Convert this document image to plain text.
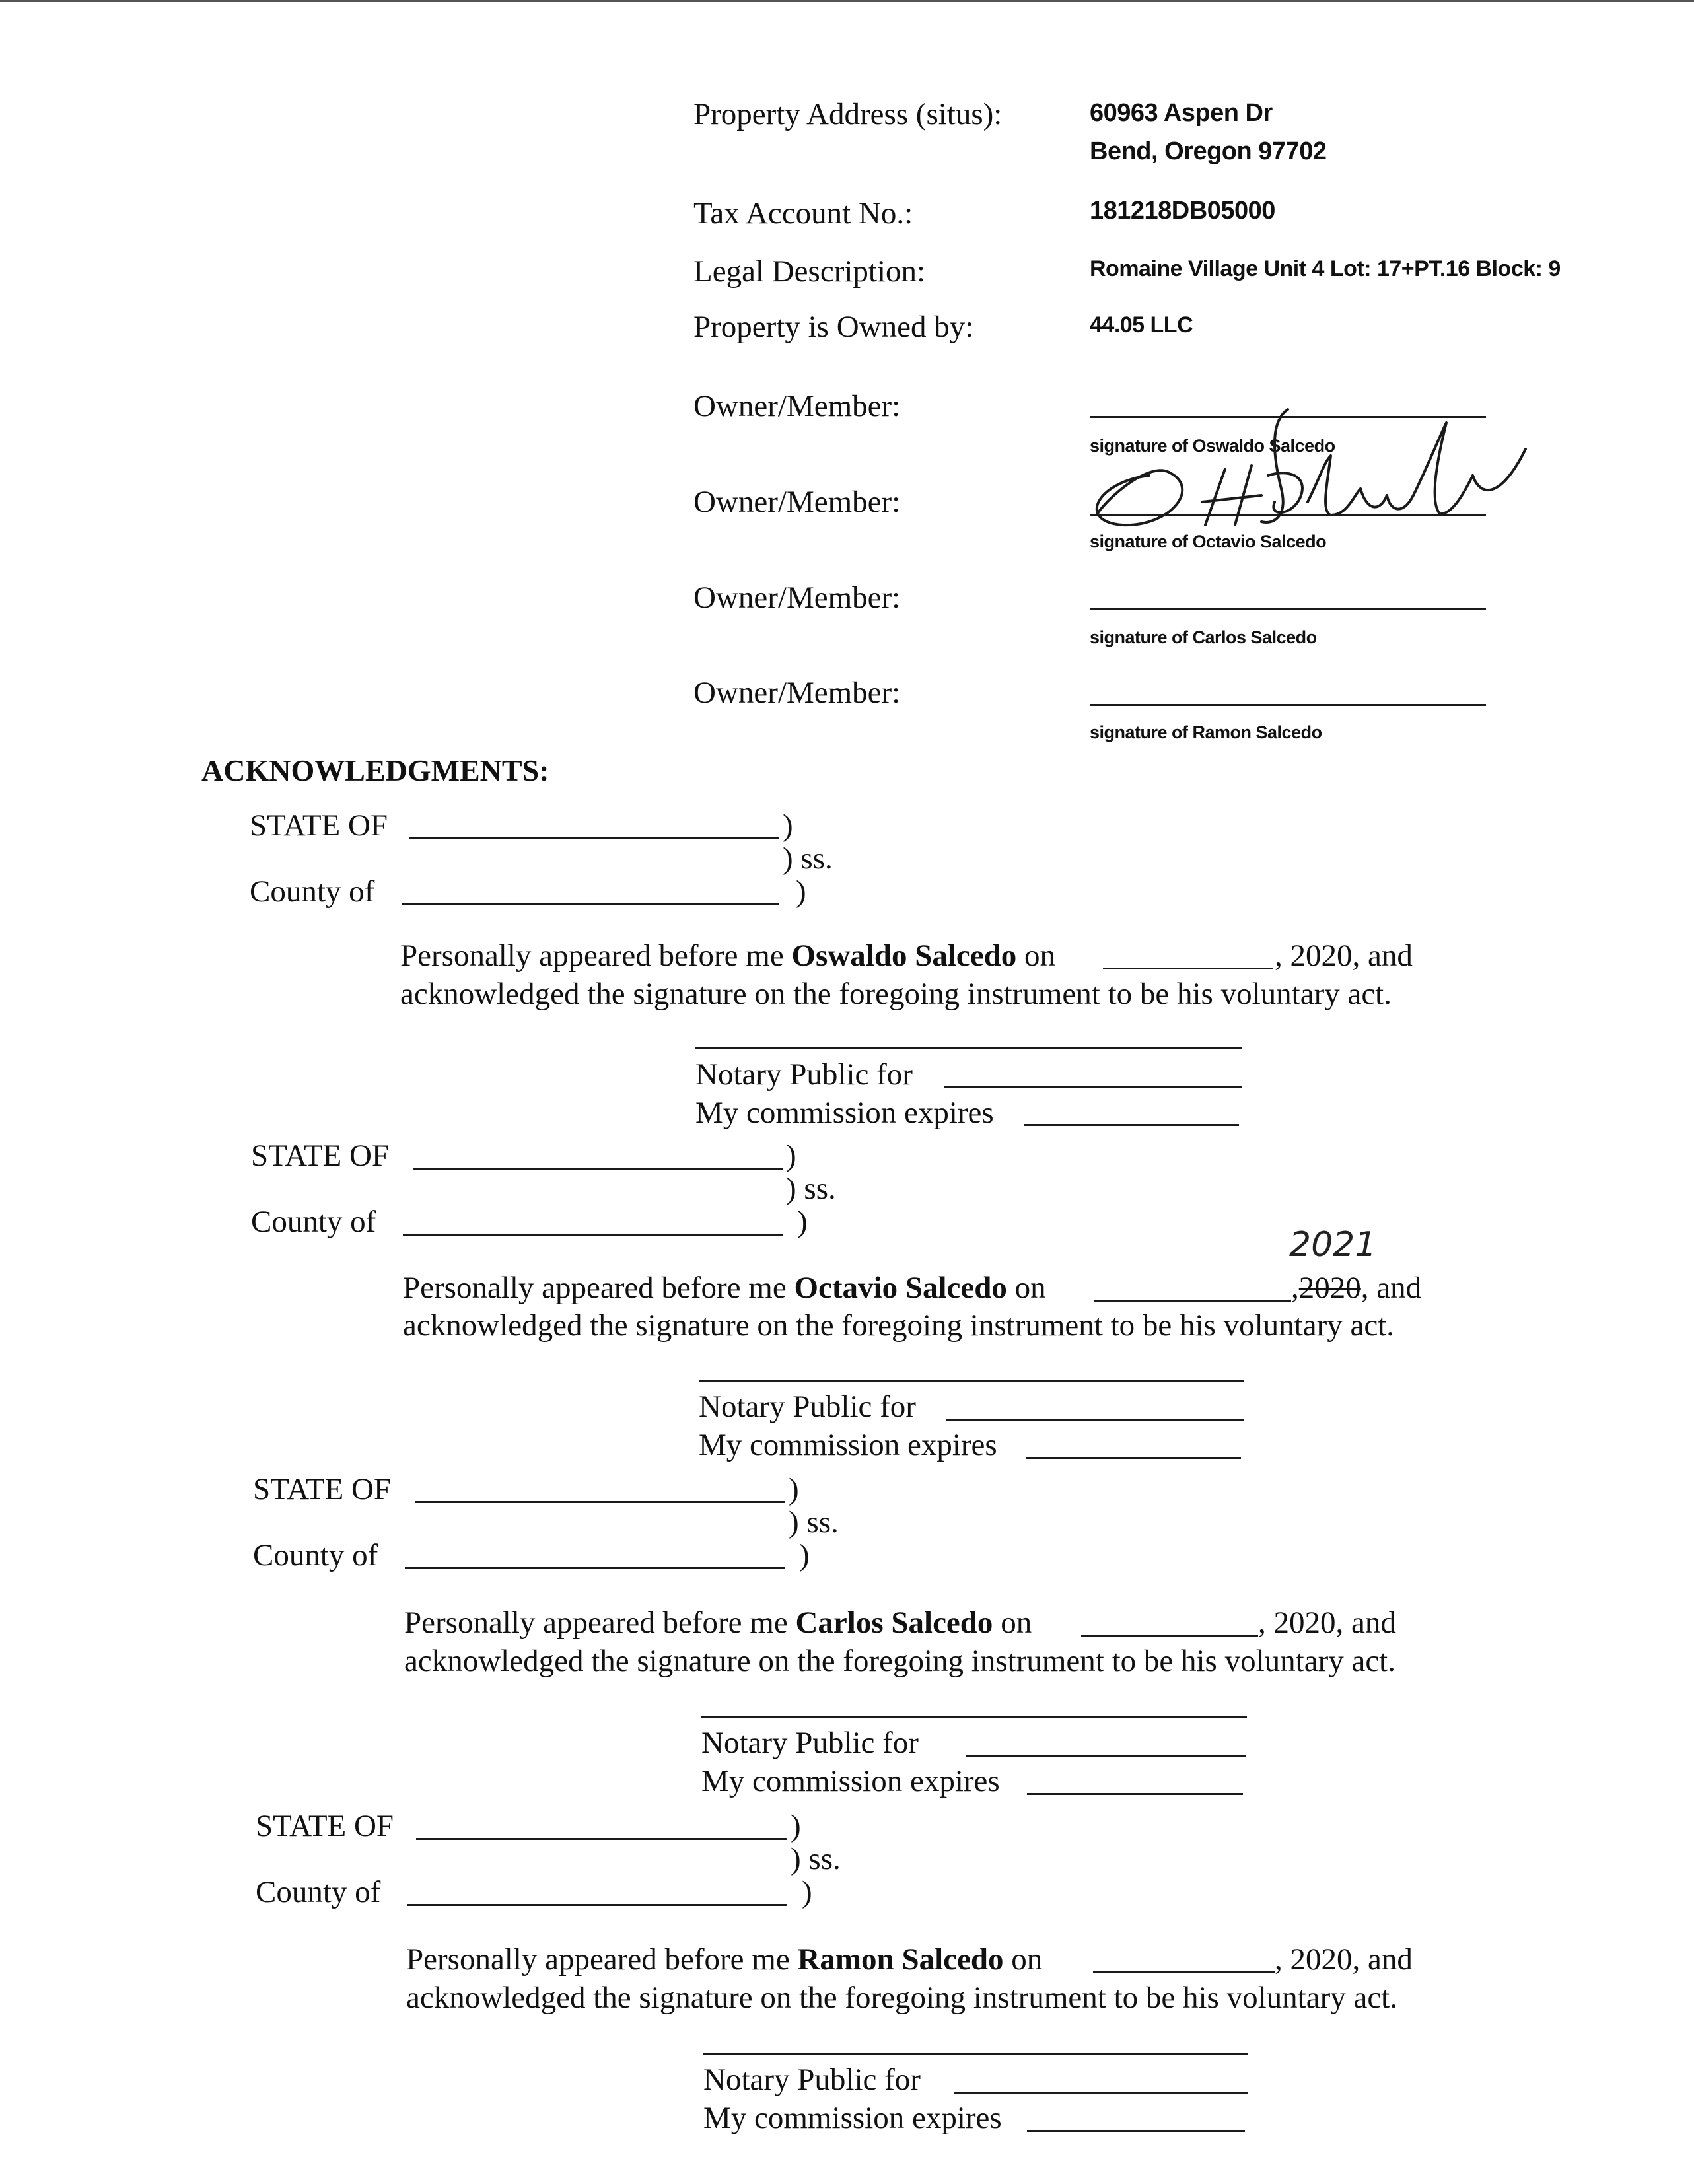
Property Address (situs):	60963 Aspen Dr
Bend, Oregon 97702
Tax Account No.:	181218DB05000
Legal Description:	Romaine Village Unit 4 Lot: 17+PT.16 Block: 9
Property is Owned by:	44.05 LLC
Owner/Member:
signature of Oswaldo Salcedo
Owner/Member:
signature of Octavio Salcedo
Owner/Member:
signature of Carlos Salcedo
Owner/Member:
signature of Ramon Salcedo
ACKNOWLEDGMENTS:
STATE OF	)
) ss.
County of	)
Personally appeared before me Oswaldo Salcedo on	, 2020, and
acknowledged the signature on the foregoing instrument to be his voluntary act.
Notary Public for
My commission expires
STATE OF	)
) ss.
County of	)
2021
Personally appeared before me Octavio Salcedo on	,2020, and
acknowledged the signature on the foregoing instrument to be his voluntary act.
Notary Public for
My commission expires
STATE OF	)
) ss.
County of	)
Personally appeared before me Carlos Salcedo on	, 2020, and
acknowledged the signature on the foregoing instrument to be his voluntary act.
Notary Public for
My commission expires
STATE OF	)
) ss.
County of	)
Personally appeared before me Ramon Salcedo on	, 2020, and
acknowledged the signature on the foregoing instrument to be his voluntary act.
Notary Public for
My commission expires
